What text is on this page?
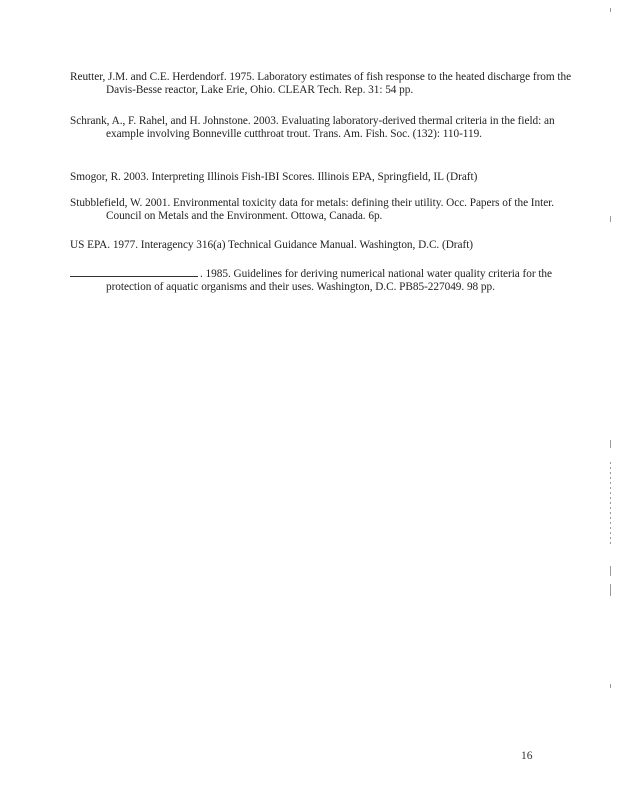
Reutter, J.M. and C.E. Herdendorf. 1975. Laboratory estimates of fish response to the heated discharge from the Davis-Besse reactor, Lake Erie, Ohio. CLEAR Tech. Rep. 31: 54 pp.

Schrank, A., F. Rahel, and H. Johnstone. 2003. Evaluating laboratory-derived thermal criteria in the field: an example involving Bonneville cutthroat trout. Trans. Am. Fish. Soc. (132): 110-119.

Smogor, R. 2003. Interpreting Illinois Fish-IBI Scores. Illinois EPA, Springfield, IL (Draft)

Stubblefield, W. 2001. Environmental toxicity data for metals: defining their utility. Occ. Papers of the Inter. Council on Metals and the Environment. Ottowa, Canada. 6p.

US EPA. 1977. Interagency 316(a) Technical Guidance Manual. Washington, D.C. (Draft)

. 1985. Guidelines for deriving numerical national water quality criteria for the protection of aquatic organisms and their uses. Washington, D.C. PB85-227049. 98 pp.

16
